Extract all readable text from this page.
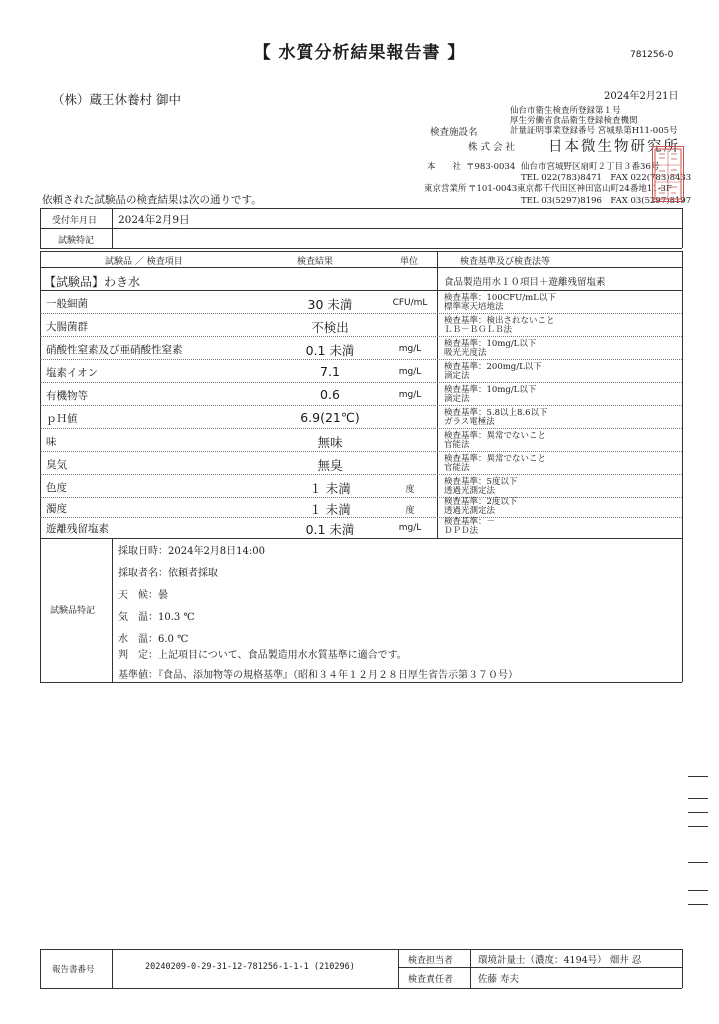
【 水質分析結果報告書 】	781256-0
（株）蔵王休養村 御中	2024年2月21日
仙台市衛生検査所登録第１号
厚生労働省食品衛生登録検査機関
計量証明事業登録番号 宮城県第H11-005号
検査施設名
株式会社 日本微生物研究所
本　　社 〒983-0034 仙台市宮城野区扇町２丁目３番36号
TEL 022(783)8471　FAX 022(783)8433
東京営業所 〒101-0043 東京都千代田区神田富山町24番地11-3F
TEL 03(5297)8196　FAX 03(5297)8197
依頼された試験品の検査結果は次の通りです。
受付年月日 2024年2月9日
試験特記
試験品 ／ 検査項目	検査結果	単位	検査基準及び検査法等
【試験品】わき水	食品製造用水１０項目＋遊離残留塩素
一般細菌	30 未満	CFU/mL	検査基準：100CFU/mL以下
標準寒天培地法
大腸菌群	不検出	検査基準：検出されないこと
ＬＢ－ＢＧＬＢ法
硝酸性窒素及び亜硝酸性窒素	0.1 未満	mg/L	検査基準：10mg/L以下
吸光光度法
塩素イオン	7.1	mg/L	検査基準：200mg/L以下
滴定法
有機物等	0.6	mg/L	検査基準：10mg/L以下
滴定法
ｐＨ値	6.9(21℃)	検査基準：5.8以上8.6以下
ガラス電極法
味	無味	検査基準：異常でないこと
官能法
臭気	無臭	検査基準：異常でないこと
官能法
色度	１ 未満	度
検査基準：5度以下
透過光測定法
濁度	１ 未満	度
検査基準：2度以下
透過光測定法
遊離残留塩素	0.1 未満	mg/L
検査基準：－
ＤＰＤ法
試験品特記
採取日時：2024年2月8日14:00
採取者名：依頼者採取
天　候：曇
気　温：10.3 ℃
水　温：6.0 ℃
判　定：上記項目について、食品製造用水水質基準に適合です。
基準値：『食品、添加物等の規格基準』（昭和３４年１２月２８日厚生省告示第３７０号）
報告書番号	20240209-0-29-31-12-781256-1-1-1 (210296)
検査担当者	環境計量士（濃度：4194号） 畑井 忍
検査責任者	佐藤 寿夫
